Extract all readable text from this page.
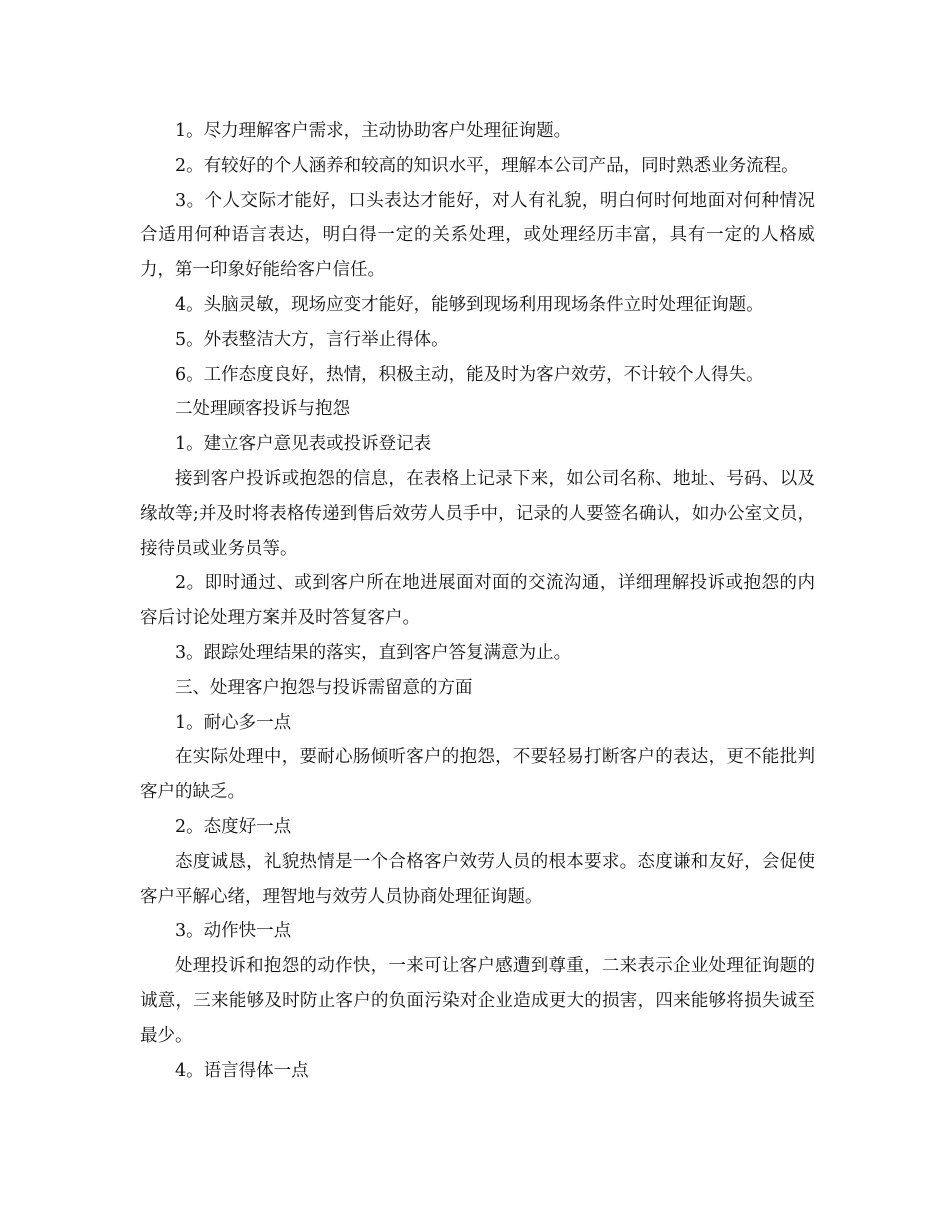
1。尽力理解客户需求，主动协助客户处理征询题。

2。有较好的个人涵养和较高的知识水平，理解本公司产品，同时熟悉业务流程。

3。个人交际才能好，口头表达才能好，对人有礼貌，明白何时何地面对何种情况合适用何种语言表达，明白得一定的关系处理，或处理经历丰富，具有一定的人格威力，第一印象好能给客户信任。

4。头脑灵敏，现场应变才能好，能够到现场利用现场条件立时处理征询题。

5。外表整洁大方，言行举止得体。

6。工作态度良好，热情，积极主动，能及时为客户效劳，不计较个人得失。

二处理顾客投诉与抱怨

1。建立客户意见表或投诉登记表

接到客户投诉或抱怨的信息，在表格上记录下来，如公司名称、地址、号码、以及缘故等;并及时将表格传递到售后效劳人员手中，记录的人要签名确认，如办公室文员，接待员或业务员等。

2。即时通过、或到客户所在地进展面对面的交流沟通，详细理解投诉或抱怨的内容后讨论处理方案并及时答复客户。

3。跟踪处理结果的落实，直到客户答复满意为止。

三、处理客户抱怨与投诉需留意的方面

1。耐心多一点

在实际处理中，要耐心肠倾听客户的抱怨，不要轻易打断客户的表达，更不能批判客户的缺乏。

2。态度好一点

态度诚恳，礼貌热情是一个合格客户效劳人员的根本要求。态度谦和友好，会促使客户平解心绪，理智地与效劳人员协商处理征询题。

3。动作快一点

处理投诉和抱怨的动作快，一来可让客户感遭到尊重，二来表示企业处理征询题的诚意，三来能够及时防止客户的负面污染对企业造成更大的损害，四来能够将损失诚至最少。

4。语言得体一点
